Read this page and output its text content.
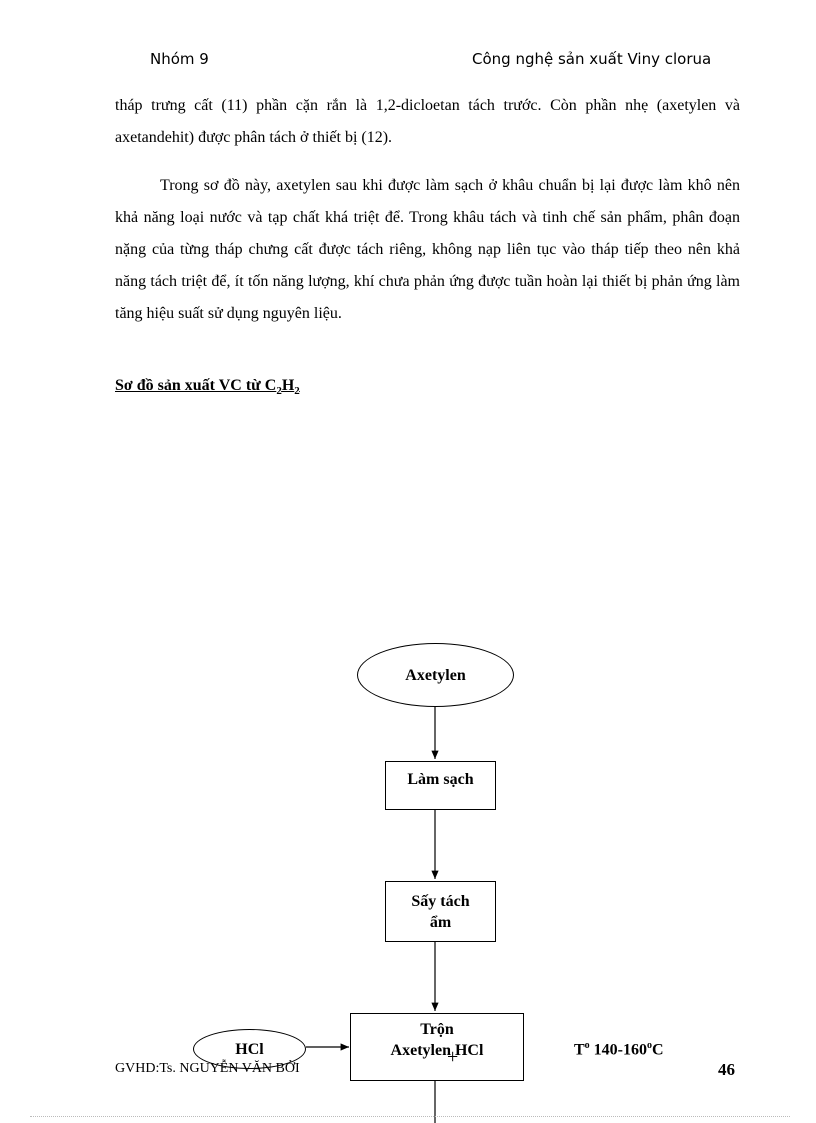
Nhóm 9	Công nghệ sản xuất Viny clorua

tháp trưng cất (11) phần cặn rắn là 1,2-dicloetan tách trước. Còn phần nhẹ (axetylen và axetandehit) được phân tách ở thiết bị (12).

Trong sơ đồ này, axetylen sau khi được làm sạch ở khâu chuẩn bị lại được làm khô nên khả năng loại nước và tạp chất khá triệt để. Trong khâu tách và tinh chế sản phẩm, phân đoạn nặng của từng tháp chưng cất được tách riêng, không nạp liên tục vào tháp tiếp theo nên khả năng tách triệt để, ít tốn năng lượng, khí chưa phản ứng được tuần hoàn lại thiết bị phản ứng làm tăng hiệu suất sử dụng nguyên liệu.

Sơ đồ sản xuất VC từ $C_2H_2$
Axetylen
Làm sạch
Sấy tách
ẩm
HCl
Trộn
Axetylen HCl
+	$T^o$ 140-160$^o$C
GVHD:Ts. NGUYỄN VĂN BỞI	46
